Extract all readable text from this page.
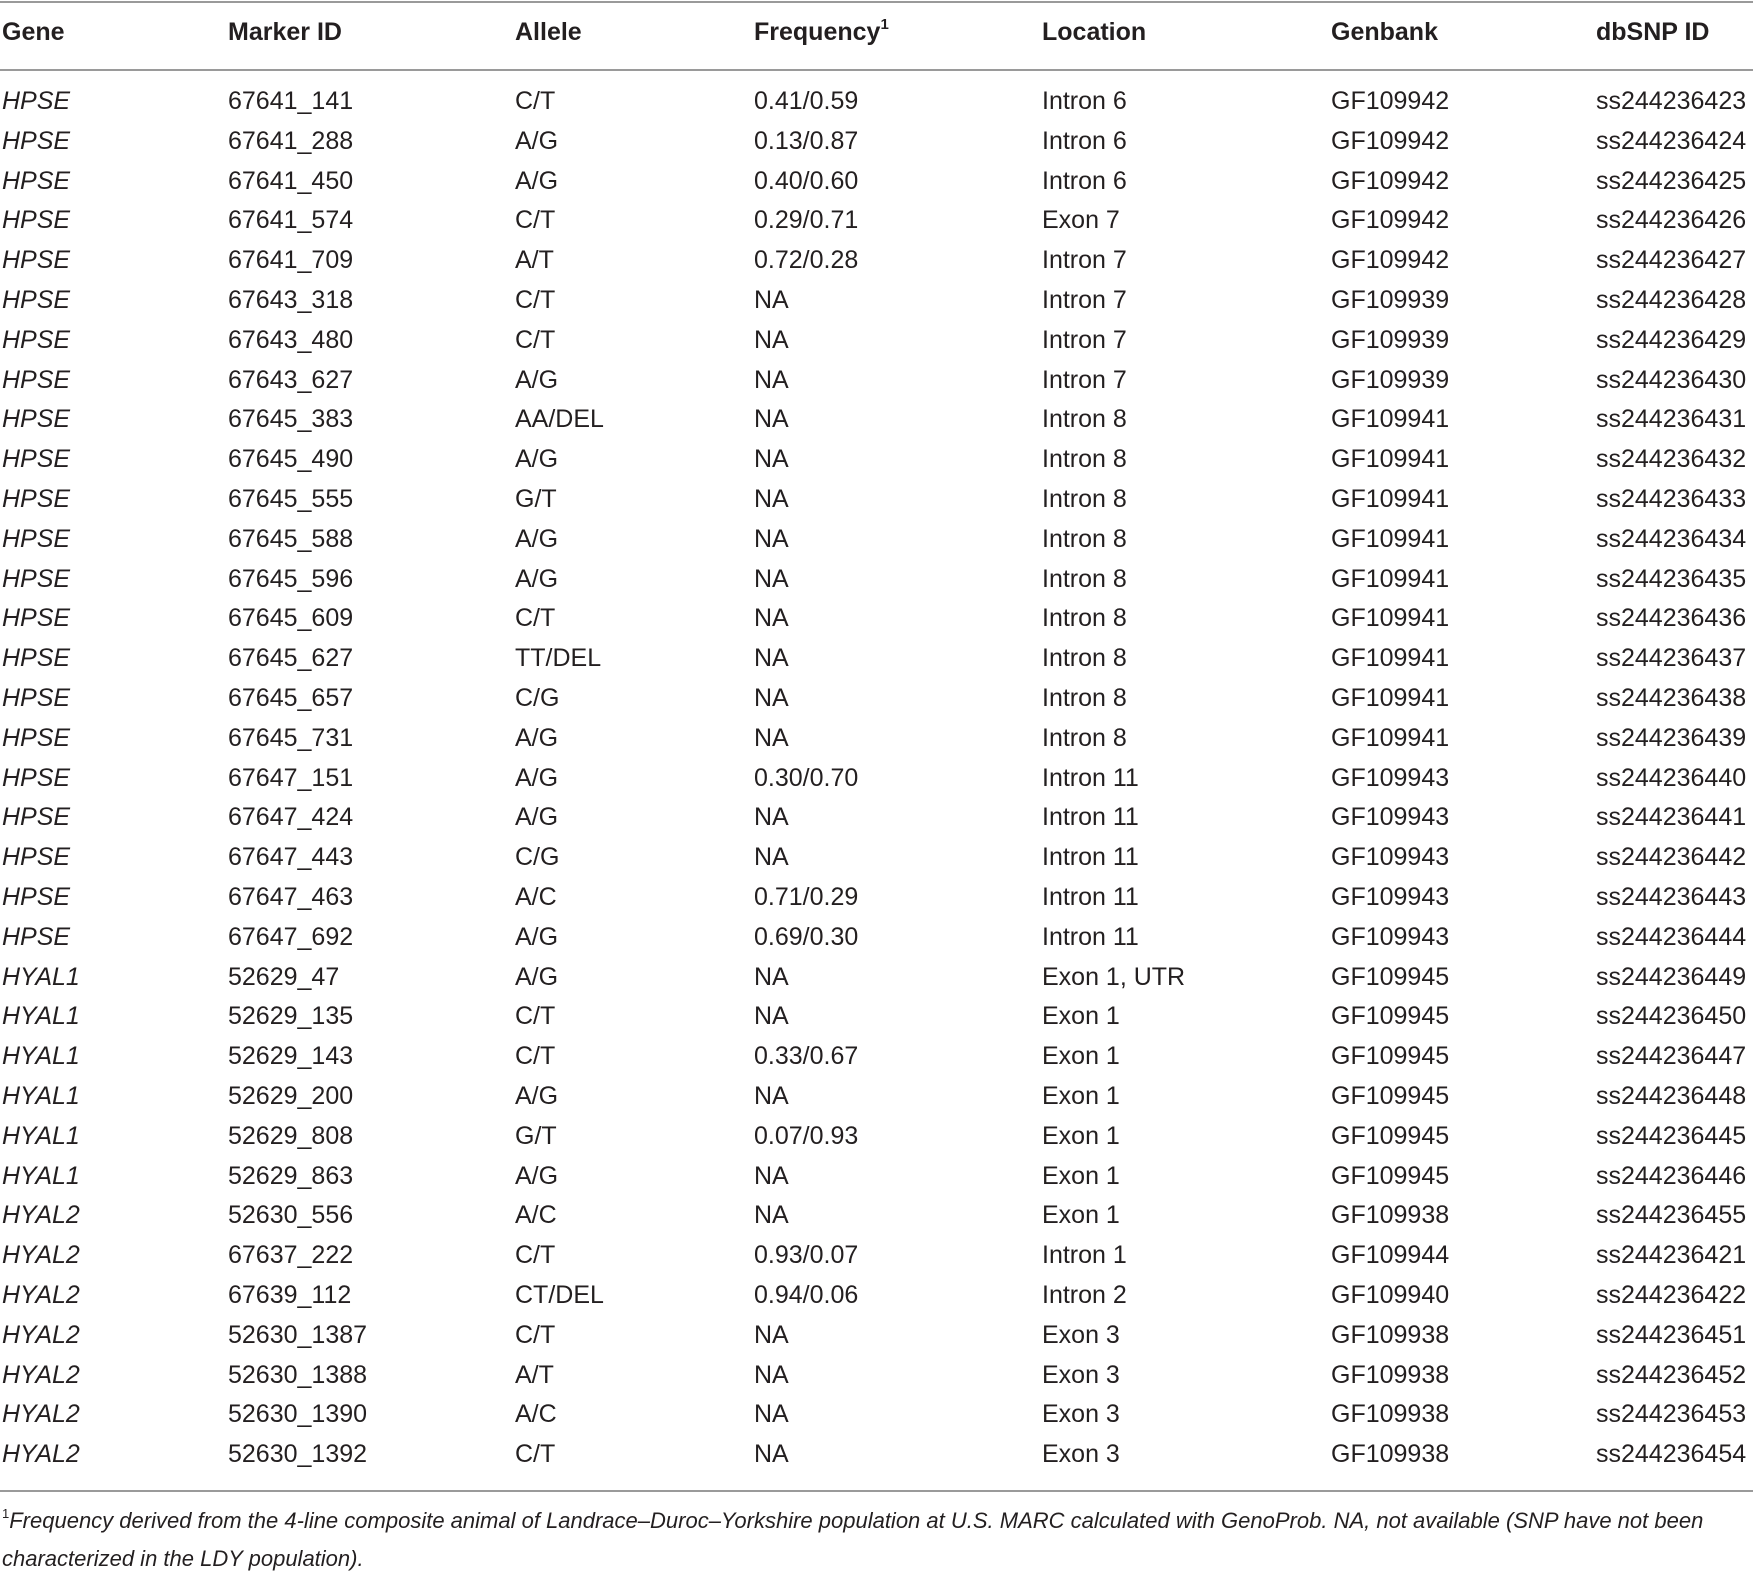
Gene	Marker ID	Allele	Frequency$^1$	Location	Genbank	dbSNP ID
HPSE	67641_141	C/T	0.41/0.59	Intron 6	GF109942	ss244236423
HPSE	67641_288	A/G	0.13/0.87	Intron 6	GF109942	ss244236424
HPSE	67641_450	A/G	0.40/0.60	Intron 6	GF109942	ss244236425
HPSE	67641_574	C/T	0.29/0.71	Exon 7	GF109942	ss244236426
HPSE	67641_709	A/T	0.72/0.28	Intron 7	GF109942	ss244236427
HPSE	67643_318	C/T	NA	Intron 7	GF109939	ss244236428
HPSE	67643_480	C/T	NA	Intron 7	GF109939	ss244236429
HPSE	67643_627	A/G	NA	Intron 7	GF109939	ss244236430
HPSE	67645_383	AA/DEL	NA	Intron 8	GF109941	ss244236431
HPSE	67645_490	A/G	NA	Intron 8	GF109941	ss244236432
HPSE	67645_555	G/T	NA	Intron 8	GF109941	ss244236433
HPSE	67645_588	A/G	NA	Intron 8	GF109941	ss244236434
HPSE	67645_596	A/G	NA	Intron 8	GF109941	ss244236435
HPSE	67645_609	C/T	NA	Intron 8	GF109941	ss244236436
HPSE	67645_627	TT/DEL	NA	Intron 8	GF109941	ss244236437
HPSE	67645_657	C/G	NA	Intron 8	GF109941	ss244236438
HPSE	67645_731	A/G	NA	Intron 8	GF109941	ss244236439
HPSE	67647_151	A/G	0.30/0.70	Intron 11	GF109943	ss244236440
HPSE	67647_424	A/G	NA	Intron 11	GF109943	ss244236441
HPSE	67647_443	C/G	NA	Intron 11	GF109943	ss244236442
HPSE	67647_463	A/C	0.71/0.29	Intron 11	GF109943	ss244236443
HPSE	67647_692	A/G	0.69/0.30	Intron 11	GF109943	ss244236444
HYAL1	52629_47	A/G	NA	Exon 1, UTR	GF109945	ss244236449
HYAL1	52629_135	C/T	NA	Exon 1	GF109945	ss244236450
HYAL1	52629_143	C/T	0.33/0.67	Exon 1	GF109945	ss244236447
HYAL1	52629_200	A/G	NA	Exon 1	GF109945	ss244236448
HYAL1	52629_808	G/T	0.07/0.93	Exon 1	GF109945	ss244236445
HYAL1	52629_863	A/G	NA	Exon 1	GF109945	ss244236446
HYAL2	52630_556	A/C	NA	Exon 1	GF109938	ss244236455
HYAL2	67637_222	C/T	0.93/0.07	Intron 1	GF109944	ss244236421
HYAL2	67639_112	CT/DEL	0.94/0.06	Intron 2	GF109940	ss244236422
HYAL2	52630_1387	C/T	NA	Exon 3	GF109938	ss244236451
HYAL2	52630_1388	A/T	NA	Exon 3	GF109938	ss244236452
HYAL2	52630_1390	A/C	NA	Exon 3	GF109938	ss244236453
HYAL2	52630_1392	C/T	NA	Exon 3	GF109938	ss244236454
$^1$Frequency derived from the 4-line composite animal of Landrace–Duroc–Yorkshire population at U.S. MARC calculated with GenoProb. NA, not available (SNP have not been characterized in the LDY population).
